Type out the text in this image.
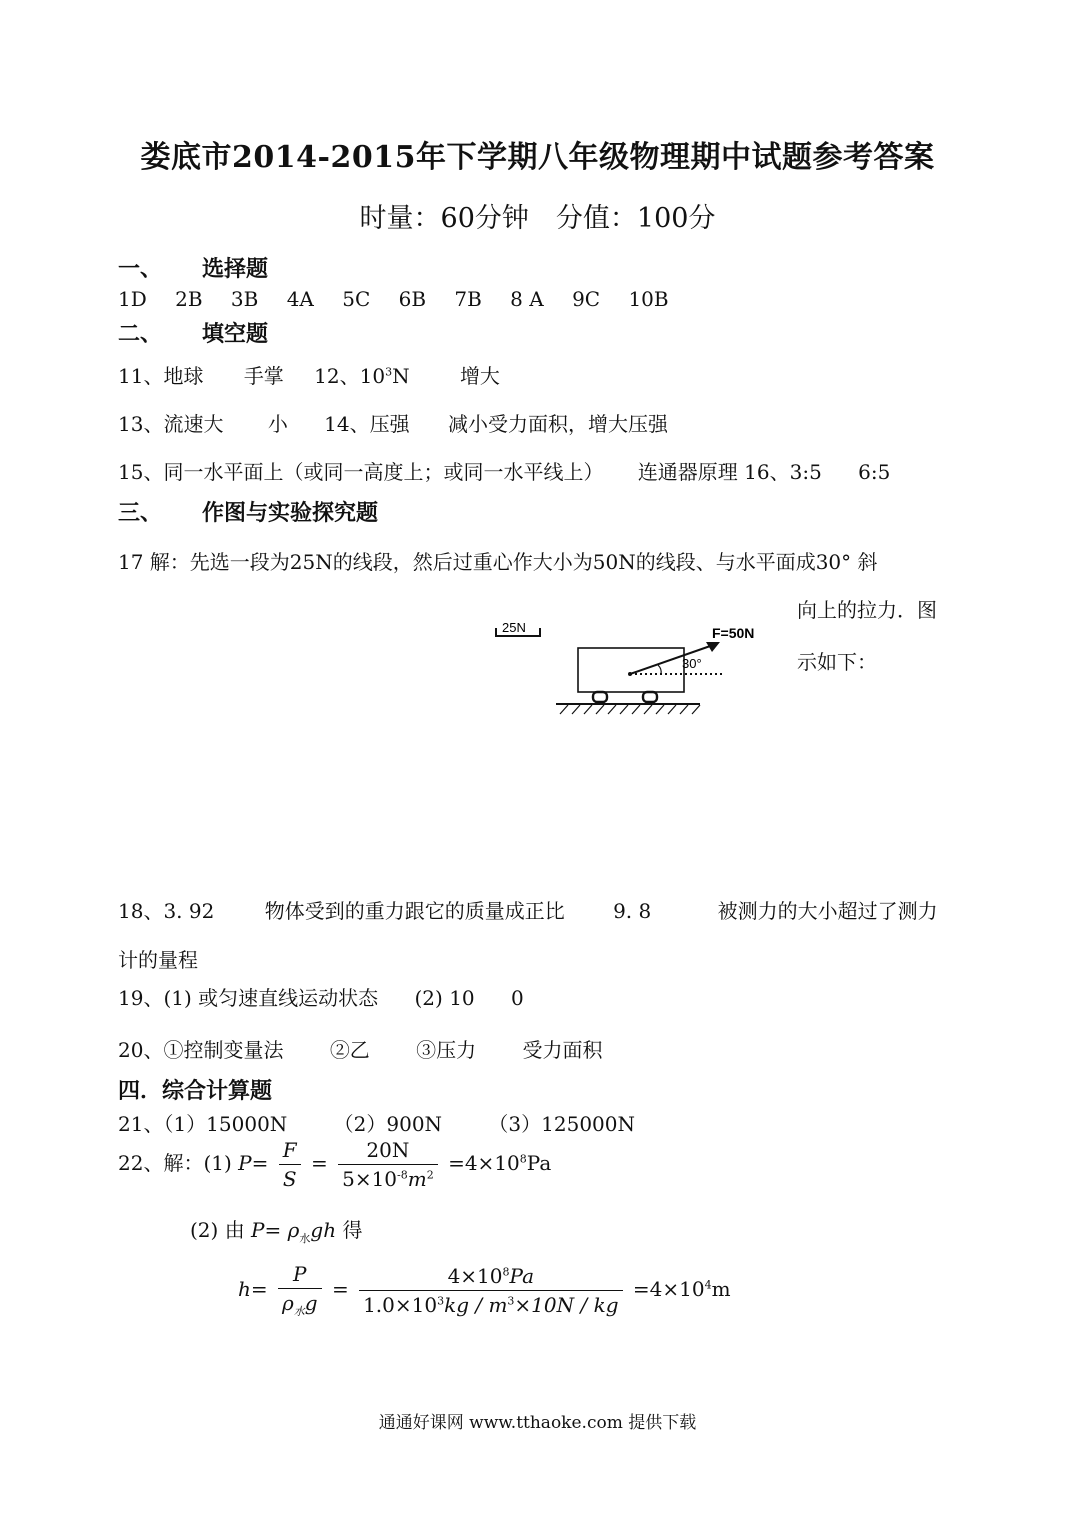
娄底市2014-2015年下学期八年级物理期中试题参考答案
时量：60分钟　分值：100分
一、 选择题
1D 2B 3B 4A 5C 6B 7B 8 A 9C 10B
二、 填空题
11、地球 手掌 12、$10^3N$	增大
13、流速大 小 14、压强 减小受力面积，增大压强
15、同一水平面上（或同一高度上；或同一水平线上） 连通器原理 16、3:5 6:5
三、 作图与实验探究题
17 解：先选一段为25N的线段，然后过重心作大小为50N的线段、与水平面成30° 斜
向上的拉力．图
示如下：
25N
30°
F=50N
18、3. 92	物体受到的重力跟它的质量成正比 9. 8	被测力的大小超过了测力
计的量程
19、(1) 或匀速直线运动状态 (2) 10 0
20、①控制变量法 ②乙 ③压力 受力面积
四．综合计算题
21、（1）15000N （2）900N （3）125000N
22、解：(1) $P= \frac{F}{S} = \frac{20N}{5\times 10^{-8}m^2} =4\times 10^8Pa$
(2) 由 $P= \rho_水gh$ 得
$h= \frac{P}{\rho_水g} = \frac{4\times 10^8Pa}{1.0\times 10^3kg / m^3\times 10N / kg} =4\times 10^4m$
通通好课网 www.tthaoke.com 提供下载
